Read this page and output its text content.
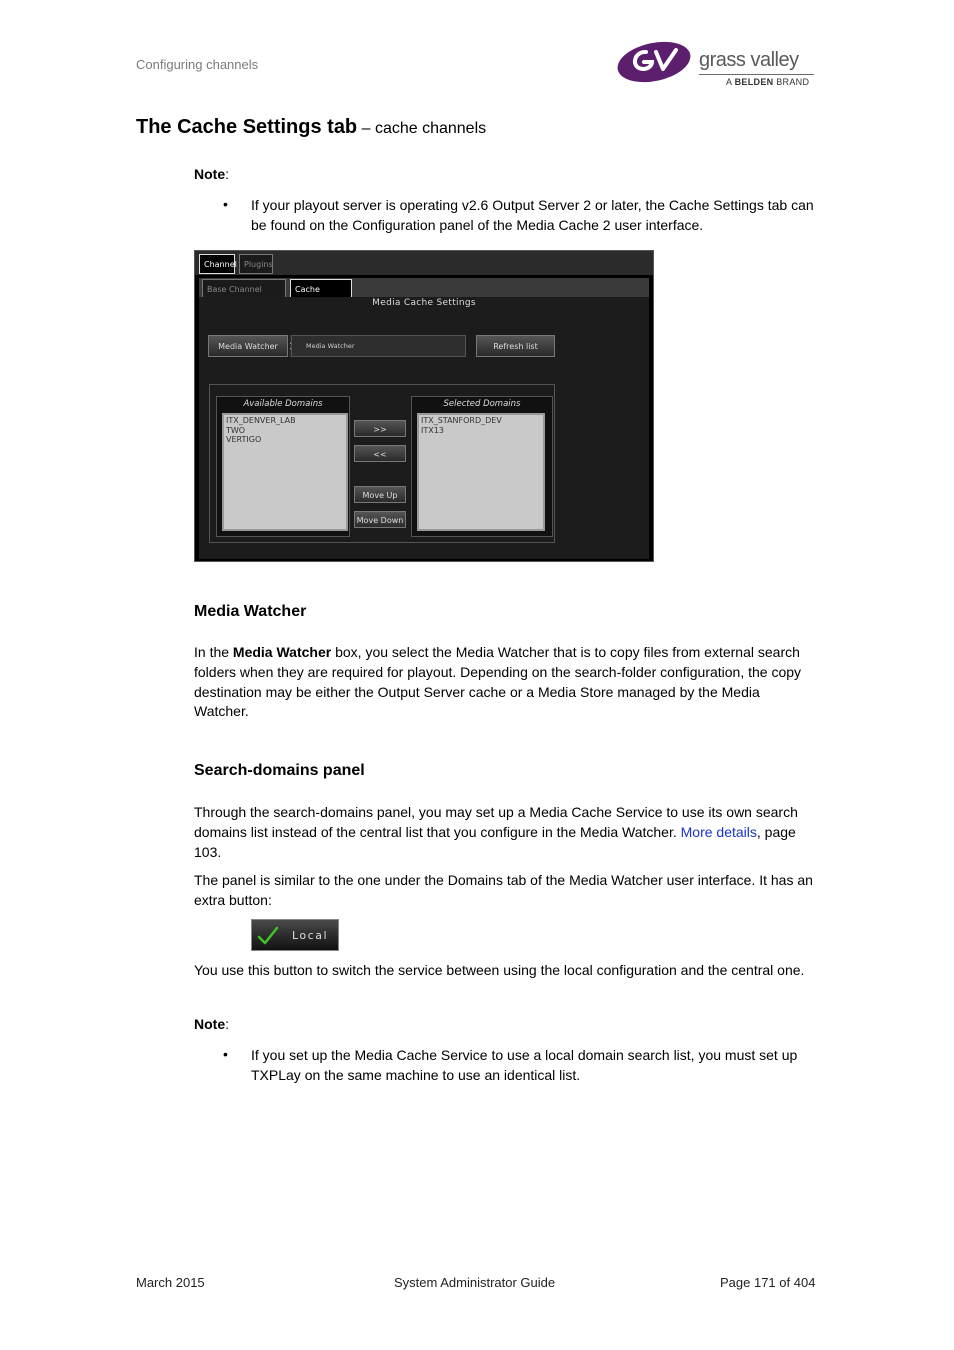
Configuring channels	grass valley
A BELDEN BRAND
The Cache Settings tab – cache channels
Note:
• If your playout server is operating v2.6 Output Server 2 or later, the Cache Settings tab can be found on the Configuration panel of the Media Cache 2 user interface.
Channel Plugins
Base Channel	Cache
Media Cache Settings
Media Watcher	Media Watcher	Refresh list
Available Domains
ITX_DENVER_LAB
TWO
VERTIGO
>>
<<
Move Up
Move Down
Selected Domains
ITX_STANFORD_DEV
ITX13
Media Watcher
In the Media Watcher box, you select the Media Watcher that is to copy files from external search folders when they are required for playout. Depending on the search-folder configuration, the copy destination may be either the Output Server cache or a Media Store managed by the Media Watcher.
Search-domains panel
Through the search-domains panel, you may set up a Media Cache Service to use its own search domains list instead of the central list that you configure in the Media Watcher. More details, page 103.
The panel is similar to the one under the Domains tab of the Media Watcher user interface. It has an extra button:
Local
You use this button to switch the service between using the local configuration and the central one.
Note:
• If you set up the Media Cache Service to use a local domain search list, you must set up TXPLay on the same machine to use an identical list.
March 2015	System Administrator Guide	Page 171 of 404
